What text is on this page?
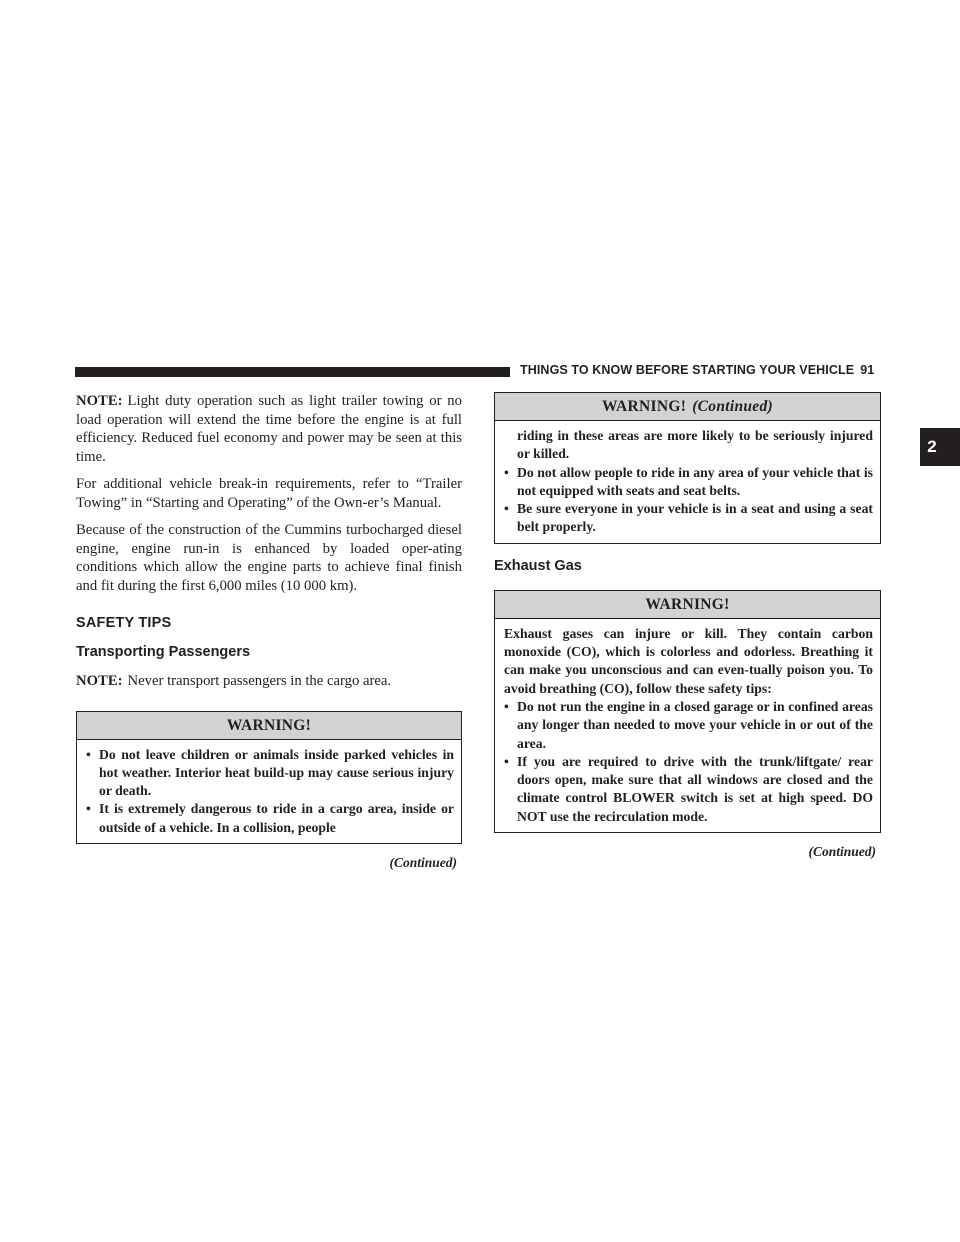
THINGS TO KNOW BEFORE STARTING YOUR VEHICLE 91
2

NOTE: Light duty operation such as light trailer towing or no load operation will extend the time before the engine is at full efficiency. Reduced fuel economy and power may be seen at this time.

For additional vehicle break-in requirements, refer to “Trailer Towing” in “Starting and Operating” of the Own-er’s Manual.

Because of the construction of the Cummins turbocharged diesel engine, engine run-in is enhanced by loaded oper-ating conditions which allow the engine parts to achieve final finish and fit during the first 6,000 miles (10 000 km).

SAFETY TIPS
Transporting Passengers

NOTE: Never transport passengers in the cargo area.

WARNING!
• Do not leave children or animals inside parked vehicles in hot weather. Interior heat build-up may cause serious injury or death.
• It is extremely dangerous to ride in a cargo area, inside or outside of a vehicle. In a collision, people
(Continued)
WARNING! (Continued)

riding in these areas are more likely to be seriously injured or killed.

• Do not allow people to ride in any area of your vehicle that is not equipped with seats and seat belts.
• Be sure everyone in your vehicle is in a seat and using a seat belt properly.
Exhaust Gas
WARNING!

Exhaust gases can injure or kill. They contain carbon monoxide (CO), which is colorless and odorless. Breathing it can make you unconscious and can even-tually poison you. To avoid breathing (CO), follow these safety tips:

• Do not run the engine in a closed garage or in confined areas any longer than needed to move your vehicle in or out of the area.
• If you are required to drive with the trunk/liftgate/ rear doors open, make sure that all windows are closed and the climate control BLOWER switch is set at high speed. DO NOT use the recirculation mode.
(Continued)
